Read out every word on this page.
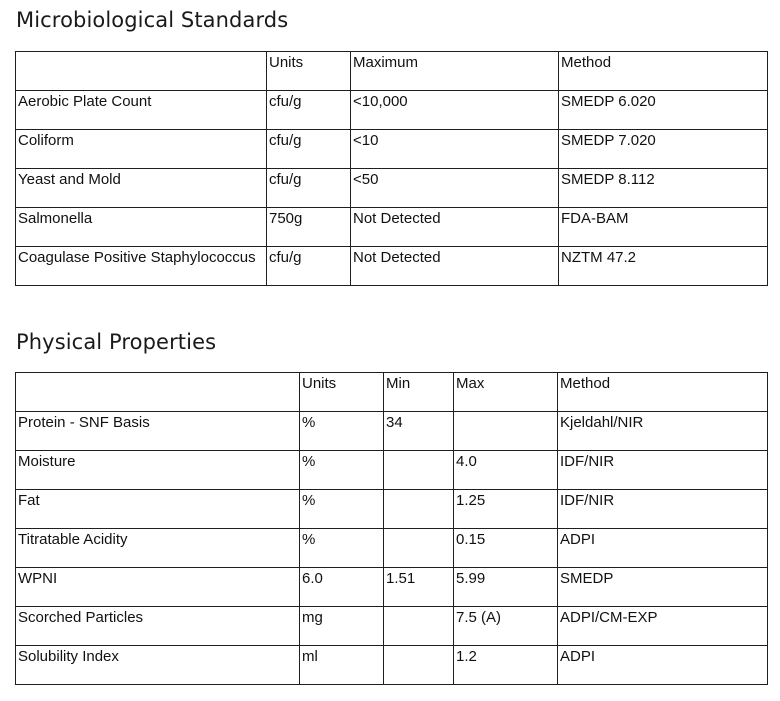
Microbiological Standards

	Units	Maximum	Method

Aerobic Plate Count	cfu/g	<10,000	SMEDP 6.020

Coliform	cfu/g	<10	SMEDP 7.020

Yeast and Mold	cfu/g	<50	SMEDP 8.112

Salmonella	750g	Not Detected	FDA-BAM

Coagulase Positive Staphylococcus	cfu/g	Not Detected	NZTM 47.2
Physical Properties

	Units	Min	Max	Method

Protein - SNF Basis	%	34		Kjeldahl/NIR

Moisture	%		4.0	IDF/NIR

Fat	%		1.25	IDF/NIR

Titratable Acidity	%		0.15	ADPI

WPNI	6.0	1.51	5.99	SMEDP

Scorched Particles	mg		7.5 (A)	ADPI/CM-EXP

Solubility Index	ml		1.2	ADPI
